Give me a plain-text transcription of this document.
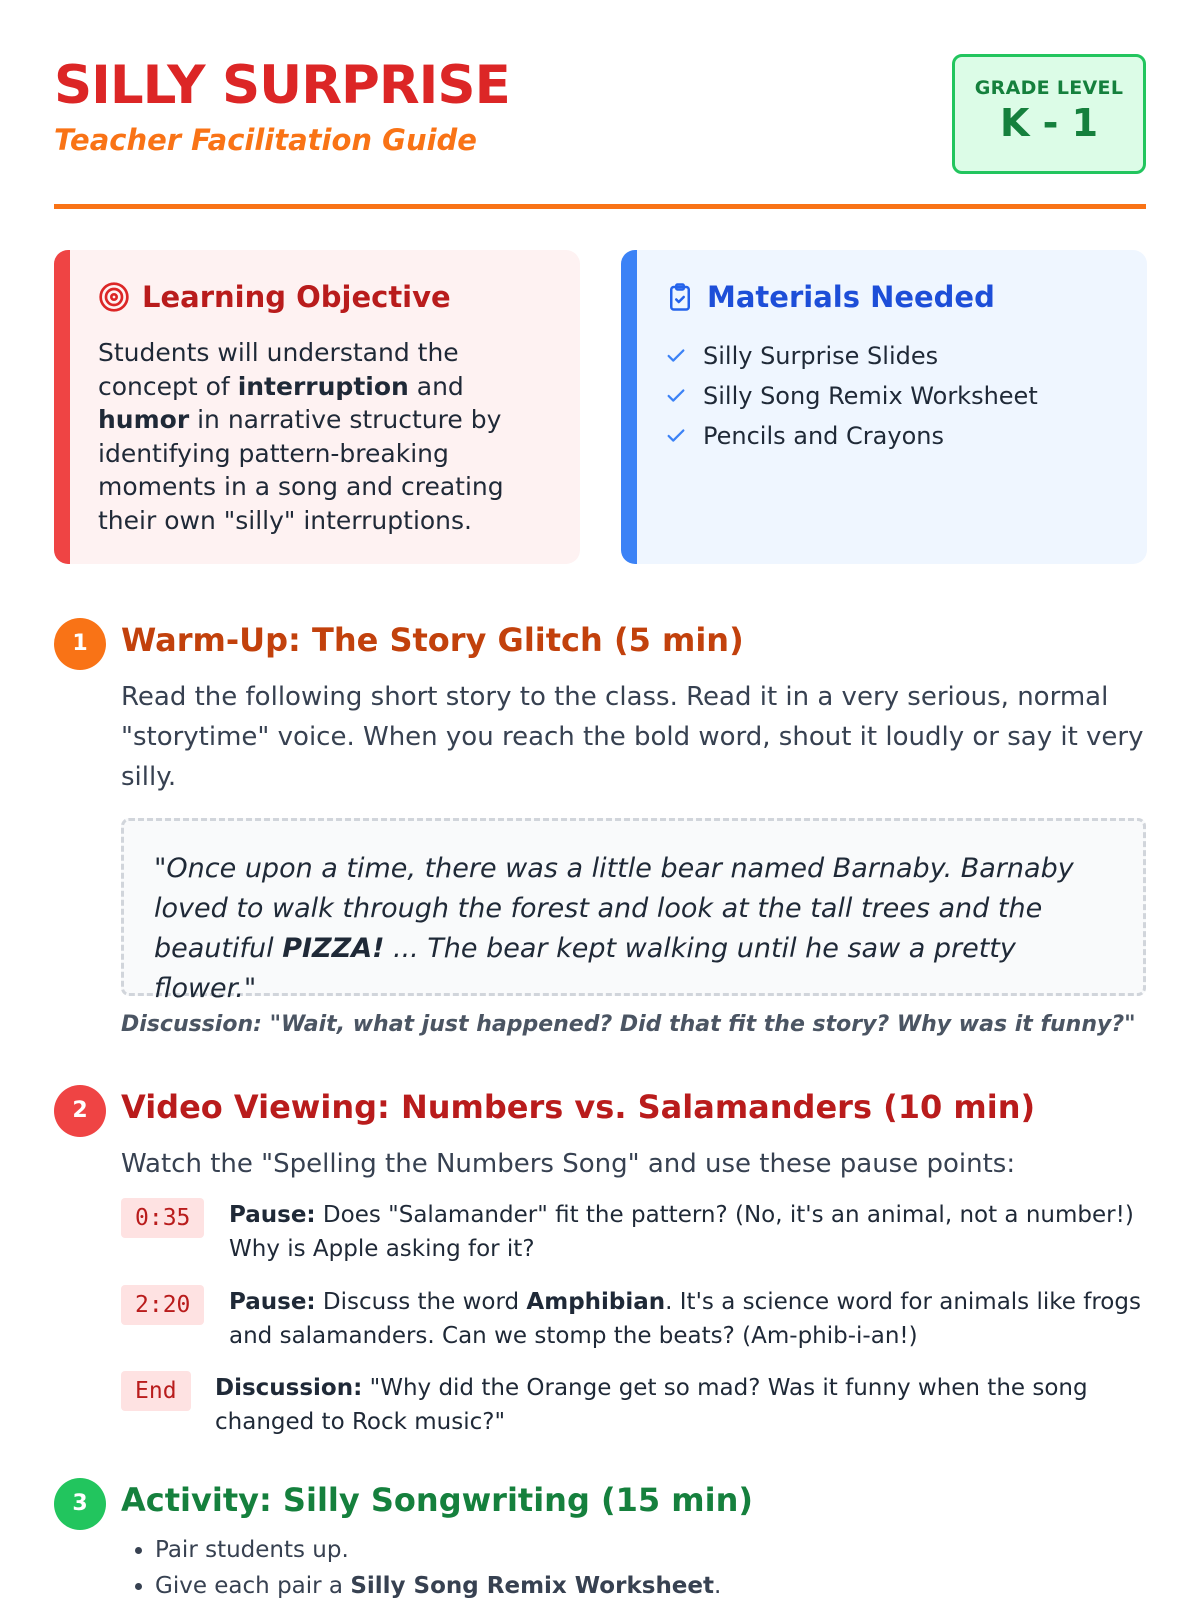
SILLY SURPRISE
Teacher Facilitation Guide
GRADE LEVEL
K - 1
Learning Objective
Students will understand the concept of interruption and humor in narrative structure by identifying pattern-breaking moments in a song and creating their own "silly" interruptions.
Materials Needed
Silly Surprise Slides
Silly Song Remix Worksheet
Pencils and Crayons
1	Warm-Up: The Story Glitch (5 min)
Read the following short story to the class. Read it in a very serious, normal "storytime" voice. When you reach the bold word, shout it loudly or say it very silly.
"Once upon a time, there was a little bear named Barnaby. Barnaby loved to walk through the forest and look at the tall trees and the beautiful PIZZA! ... The bear kept walking until he saw a pretty flower."
Discussion: "Wait, what just happened? Did that fit the story? Why was it funny?"
2	Video Viewing: Numbers vs. Salamanders (10 min)
Watch the "Spelling the Numbers Song" and use these pause points:
0:35	Pause: Does "Salamander" fit the pattern? (No, it's an animal, not a number!) Why is Apple asking for it?
2:20	Pause: Discuss the word Amphibian. It's a science word for animals like frogs and salamanders. Can we stomp the beats? (Am-phib-i-an!)
End	Discussion: "Why did the Orange get so mad? Was it funny when the song changed to Rock music?"
3	Activity: Silly Songwriting (15 min)
• Pair students up.
• Give each pair a Silly Song Remix Worksheet.
